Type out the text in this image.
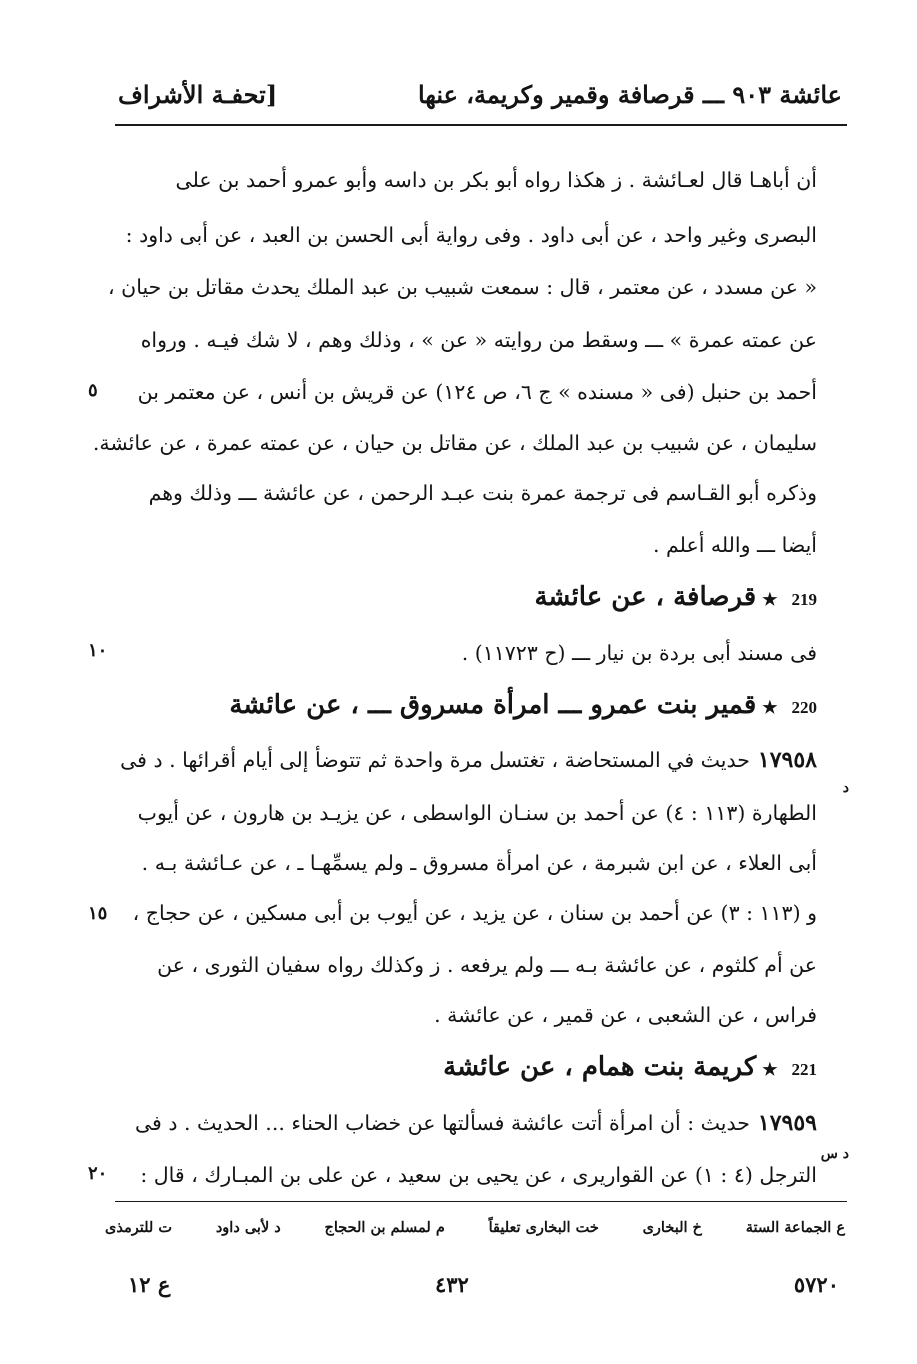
[تحفـة الأشراف	عائشة ٩٠٣ ـــ قرصافة وقمير وكريمة، عنها
أن أباهـا قال لعـائشة . ز هكذا رواه أبو بكر بن داسه وأبو عمرو أحمد بن على
البصرى وغير واحد ، عن أبى داود . وفى رواية أبى الحسن بن العبد ، عن أبى داود :
« عن مسدد ، عن معتمر ، قال : سمعت شبيب بن عبد الملك يحدث مقاتل بن حيان ،
عن عمته عمرة » ـــ وسقط من روايته « عن » ، وذلك وهم ، لا شك فيـه . ورواه
أحمد بن حنبل (فى « مسنده » ج ٦، ص ١٢٤) عن قريش بن أنس ، عن معتمر بن
سليمان ، عن شبيب بن عبد الملك ، عن مقاتل بن حيان ، عن عمته عمرة ، عن عائشة.
وذكره أبو القـاسم فى ترجمة عمرة بنت عبـد الرحمن ، عن عائشة ـــ وذلك وهم
أيضا ـــ والله أعلم .
219★قرصافة ، عن عائشة
فى مسند أبى بردة بن نيار ـــ (ح ١١٧٢٣) .
220★قمير بنت عمرو ـــ امرأة مسروق ـــ ، عن عائشة
١٧٩٥٨حديث في المستحاضة ، تغتسل مرة واحدة ثم تتوضأ إلى أيام أقرائها . د فى
د
الطهارة (١١٣ : ٤) عن أحمد بن سنـان الواسطى ، عن يزيـد بن هارون ، عن أيوب
أبى العلاء ، عن ابن شبرمة ، عن امرأة مسروق ـ ولم يسمِّهـا ـ ، عن عـائشة بـه .
و (١١٣ : ٣) عن أحمد بن سنان ، عن يزيد ، عن أيوب بن أبى مسكين ، عن حجاج ،
عن أم كلثوم ، عن عائشة بـه ـــ ولم يرفعه . ز وكذلك رواه سفيان الثورى ، عن
فراس ، عن الشعبى ، عن قمير ، عن عائشة .
221★كريمة بنت همام ، عن عائشة
١٧٩٥٩حديث : أن امرأة أتت عائشة فسألتها عن خضاب الحناء ... الحديث . د فى
د س
الترجل (٤ : ١) عن القواريرى ، عن يحيى بن سعيد ، عن على بن المبـارك ، قال :
٥
١٠
١٥
٢٠
ع الجماعة الستة
خ البخارى
خت البخارى تعليقاً
م لمسلم بن الحجاج
د لأبى داود
ت للترمذى
ع ١٢	٤٣٢	٥٧٢٠
